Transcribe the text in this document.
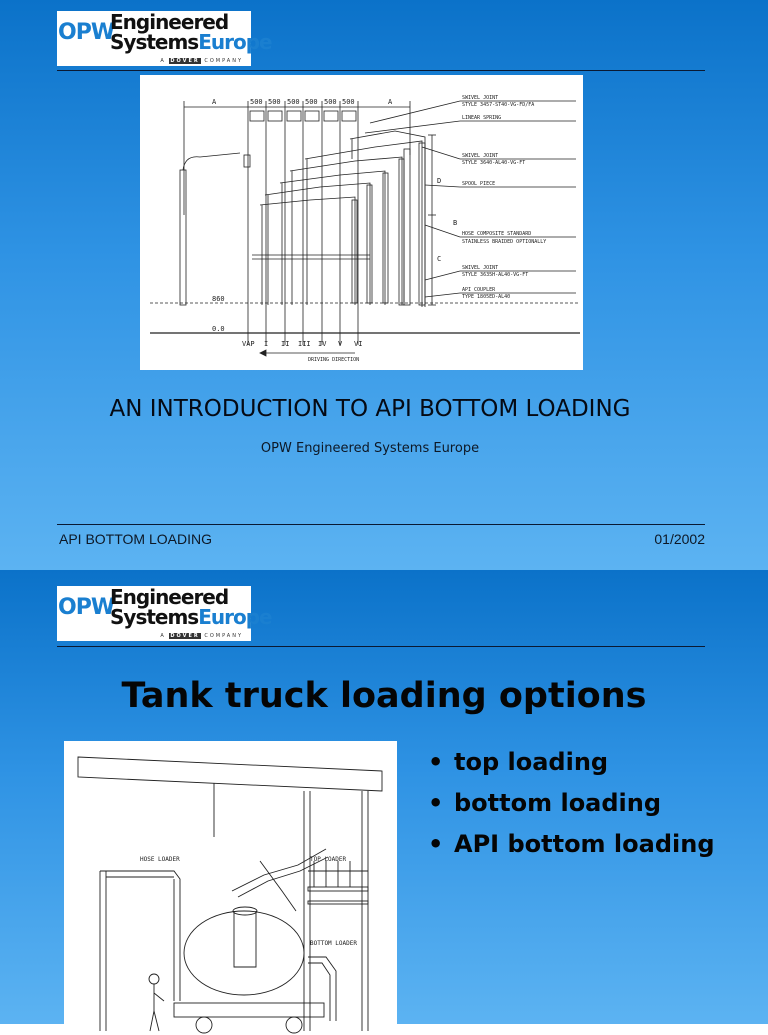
OPW
Engineered
SystemsEurope
A DOVER COMPANY
A	500 500 500 500 500 500	A	SWIVEL JOINT
STYLE 3457-ST40-VG-FD/FA
LINEAR SPRING
SWIVEL JOINT
STYLE 3640-AL40-VG-FT
SPOOL PIECE
HOSE COMPOSITE STANDARD
STAINLESS BRAIDED OPTIONALLY
SWIVEL JOINT
STYLE 3635H-AL40-VG-FT
API COUPLER
TYPE 1805ED-AL40
D
B
C
860
0.0
VAP I II III IV V VI
DRIVING DIRECTION
AN INTRODUCTION TO API BOTTOM LOADING
OPW Engineered Systems Europe
API BOTTOM LOADING	01/2002
OPW
Engineered
SystemsEurope
A DOVER COMPANY
Tank truck loading options
HOSE LOADER	TOP LOADER
BOTTOM LOADER
• top loading
• bottom loading
• API bottom loading
